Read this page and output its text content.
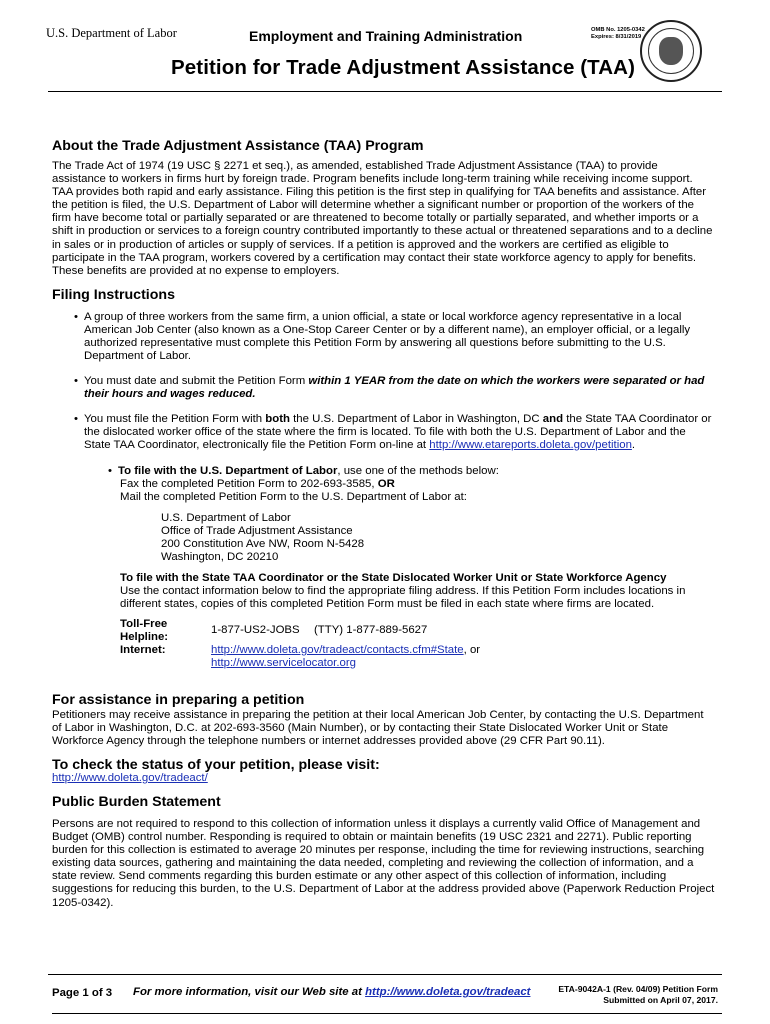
U.S. Department of Labor	Employment and Training Administration	OMB No. 1205-0342
Expires: 8/31/2019
Petition for Trade Adjustment Assistance (TAA)
About the Trade Adjustment Assistance (TAA) Program
The Trade Act of 1974 (19 USC § 2271 et seq.), as amended, established Trade Adjustment Assistance (TAA) to provide
assistance to workers in firms hurt by foreign trade. Program benefits include long-term training while receiving income support.
TAA provides both rapid and early assistance. Filing this petition is the first step in qualifying for TAA benefits and assistance. After
the petition is filed, the U.S. Department of Labor will determine whether a significant number or proportion of the workers of the
firm have become total or partially separated or are threatened to become totally or partially separated, and whether imports or a
shift in production or services to a foreign country contributed importantly to these actual or threatened separations and to a decline
in sales or in production of articles or supply of services. If a petition is approved and the workers are certified as eligible to
participate in the TAA program, workers covered by a certification may contact their state workforce agency to apply for benefits.
These benefits are provided at no expense to employers.
Filing Instructions
• A group of three workers from the same firm, a union official, a state or local workforce agency representative in a local
American Job Center (also known as a One-Stop Career Center or by a different name), an employer official, or a legally
authorized representative must complete this Petition Form by answering all questions before submitting to the U.S.
Department of Labor.
• You must date and submit the Petition Form within 1 YEAR from the date on which the workers were separated or had
their hours and wages reduced.
• You must file the Petition Form with both the U.S. Department of Labor in Washington, DC and the State TAA Coordinator or
the dislocated worker office of the state where the firm is located. To file with both the U.S. Department of Labor and the
State TAA Coordinator, electronically file the Petition Form on-line at http://www.etareports.doleta.gov/petition.
• To file with the U.S. Department of Labor, use one of the methods below:
Fax the completed Petition Form to 202-693-3585, OR
Mail the completed Petition Form to the U.S. Department of Labor at:
U.S. Department of Labor
Office of Trade Adjustment Assistance
200 Constitution Ave NW, Room N-5428
Washington, DC 20210
To file with the State TAA Coordinator or the State Dislocated Worker Unit or State Workforce Agency
Use the contact information below to find the appropriate filing address. If this Petition Form includes locations in
different states, copies of this completed Petition Form must be filed in each state where firms are located.
Toll-Free
Helpline:
1-877-US2-JOBS (TTY) 1-877-889-5627
Internet:	http://www.doleta.gov/tradeact/contacts.cfm#State, or
http://www.servicelocator.org
For assistance in preparing a petition
Petitioners may receive assistance in preparing the petition at their local American Job Center, by contacting the U.S. Department
of Labor in Washington, D.C. at 202-693-3560 (Main Number), or by contacting their State Dislocated Worker Unit or State
Workforce Agency through the telephone numbers or internet addresses provided above (29 CFR Part 90.11).
To check the status of your petition, please visit:
http://www.doleta.gov/tradeact/
Public Burden Statement
Persons are not required to respond to this collection of information unless it displays a currently valid Office of Management and
Budget (OMB) control number. Responding is required to obtain or maintain benefits (19 USC 2321 and 2271). Public reporting
burden for this collection is estimated to average 20 minutes per response, including the time for reviewing instructions, searching
existing data sources, gathering and maintaining the data needed, completing and reviewing the collection of information, and a
state review. Send comments regarding this burden estimate or any other aspect of this collection of information, including
suggestions for reducing this burden, to the U.S. Department of Labor at the address provided above (Paperwork Reduction Project
1205-0342).
Page 1 of 3 For more information, visit our Web site at http://www.doleta.gov/tradeact	ETA-9042A-1 (Rev. 04/09) Petition Form
Submitted on April 07, 2017.
